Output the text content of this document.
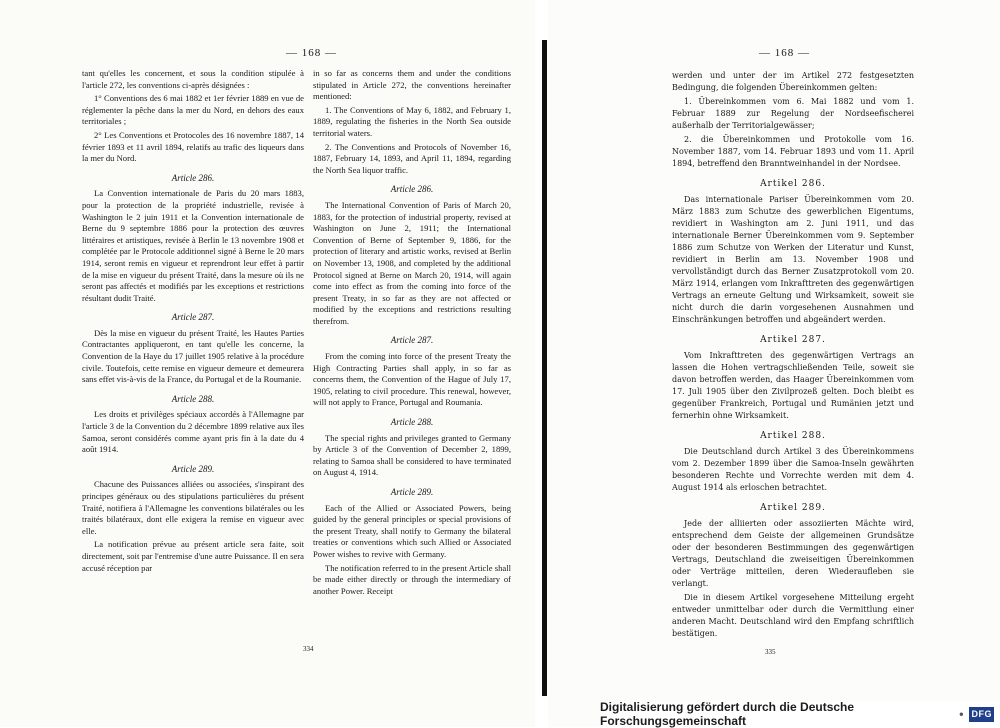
— 168 —

tant qu'elles les concernent, et sous la condition stipulée à l'article 272, les conventions ci-après désignées :

1° Conventions des 6 mai 1882 et 1er février 1889 en vue de réglementer la pêche dans la mer du Nord, en dehors des eaux territoriales ;

2° Les Conventions et Protocoles des 16 novembre 1887, 14 février 1893 et 11 avril 1894, relatifs au trafic des liqueurs dans la mer du Nord.

Article 286.

La Convention internationale de Paris du 20 mars 1883, pour la protection de la propriété industrielle, revisée à Washington le 2 juin 1911 et la Convention internationale de Berne du 9 septembre 1886 pour la protection des œuvres littéraires et artistiques, revisée à Berlin le 13 novembre 1908 et complétée par le Protocole additionnel signé à Berne le 20 mars 1914, seront remis en vigueur et reprendront leur effet à partir de la mise en vigueur du présent Traité, dans la mesure où ils ne seront pas affectés et modifiés par les exceptions et restrictions résultant dudit Traité.

Article 287.

Dès la mise en vigueur du présent Traité, les Hautes Parties Contractantes appliqueront, en tant qu'elle les concerne, la Convention de la Haye du 17 juillet 1905 relative à la procédure civile. Toutefois, cette remise en vigueur demeure et demeurera sans effet vis-à-vis de la France, du Portugal et de la Roumanie.

Article 288.

Les droits et privilèges spéciaux accordés à l'Allemagne par l'article 3 de la Convention du 2 décembre 1899 relative aux îles Samoa, seront considérés comme ayant pris fin à la date du 4 août 1914.

Article 289.

Chacune des Puissances alliées ou associées, s'inspirant des principes généraux ou des stipulations particulières du présent Traité, notifiera à l'Allemagne les conventions bilatérales ou les traités bilatéraux, dont elle exigera la remise en vigueur avec elle.

La notification prévue au présent article sera faite, soit directement, soit par l'entremise d'une autre Puissance. Il en sera accusé réception par

in so far as concerns them and under the conditions stipulated in Article 272, the conventions hereinafter mentioned:

1. The Conventions of May 6, 1882, and February 1, 1889, regulating the fisheries in the North Sea outside territorial waters.

2. The Conventions and Protocols of November 16, 1887, February 14, 1893, and April 11, 1894, regarding the North Sea liquor traffic.

Article 286.

The International Convention of Paris of March 20, 1883, for the protection of industrial property, revised at Washington on June 2, 1911; the International Convention of Berne of September 9, 1886, for the protection of literary and artistic works, revised at Berlin on November 13, 1908, and completed by the additional Protocol signed at Berne on March 20, 1914, will again come into effect as from the coming into force of the present Treaty, in so far as they are not affected or modified by the exceptions and restrictions resulting therefrom.

Article 287.

From the coming into force of the present Treaty the High Contracting Parties shall apply, in so far as concerns them, the Convention of the Hague of July 17, 1905, relating to civil procedure. This renewal, however, will not apply to France, Portugal and Roumania.

Article 288.

The special rights and privileges granted to Germany by Article 3 of the Convention of December 2, 1899, relating to Samoa shall be considered to have terminated on August 4, 1914.

Article 289.

Each of the Allied or Associated Powers, being guided by the general principles or special provisions of the present Treaty, shall notify to Germany the bilateral treaties or conventions which such Allied or Associated Power wishes to revive with Germany.

The notification referred to in the present Article shall be made either directly or through the intermediary of another Power. Receipt

334
— 168 —
335

werden und unter der im Artikel 272 festgesetzten Bedingung, die folgenden Übereinkommen gelten:

1. Übereinkommen vom 6. Mai 1882 und vom 1. Februar 1889 zur Regelung der Nordseefischerei außerhalb der Territorialgewässer;

2. die Übereinkommen und Protokolle vom 16. November 1887, vom 14. Februar 1893 und vom 11. April 1894, betreffend den Branntweinhandel in der Nordsee.

Artikel 286.

Das internationale Pariser Übereinkommen vom 20. März 1883 zum Schutze des gewerblichen Eigentums, revidiert in Washington am 2. Juni 1911, und das internationale Berner Übereinkommen vom 9. September 1886 zum Schutze von Werken der Literatur und Kunst, revidiert in Berlin am 13. November 1908 und vervollständigt durch das Berner Zusatzprotokoll vom 20. März 1914, erlangen vom Inkrafttreten des gegenwärtigen Vertrags an erneute Geltung und Wirksamkeit, soweit sie nicht durch die darin vorgesehenen Ausnahmen und Einschränkungen betroffen und abgeändert werden.

Artikel 287.

Vom Inkrafttreten des gegenwärtigen Vertrags an lassen die Hohen vertragschließenden Teile, soweit sie davon betroffen werden, das Haager Übereinkommen vom 17. Juli 1905 über den Zivilprozeß gelten. Doch bleibt es gegenüber Frankreich, Portugal und Rumänien jetzt und fernerhin ohne Wirksamkeit.

Artikel 288.

Die Deutschland durch Artikel 3 des Übereinkommens vom 2. Dezember 1899 über die Samoa-Inseln gewährten besonderen Rechte und Vorrechte werden mit dem 4. August 1914 als erloschen betrachtet.

Artikel 289.

Jede der alliierten oder assoziierten Mächte wird, entsprechend dem Geiste der allgemeinen Grundsätze oder der besonderen Bestimmungen des gegenwärtigen Vertrags, Deutschland die zweiseitigen Übereinkommen oder Verträge mitteilen, deren Wiederaufleben sie verlangt.

Die in diesem Artikel vorgesehene Mitteilung ergeht entweder unmittelbar oder durch die Vermittlung einer anderen Macht. Deutschland wird den Empfang schriftlich bestätigen.

Digitalisierung gefördert durch die Deutsche Forschungsgemeinschaft	• DFG
